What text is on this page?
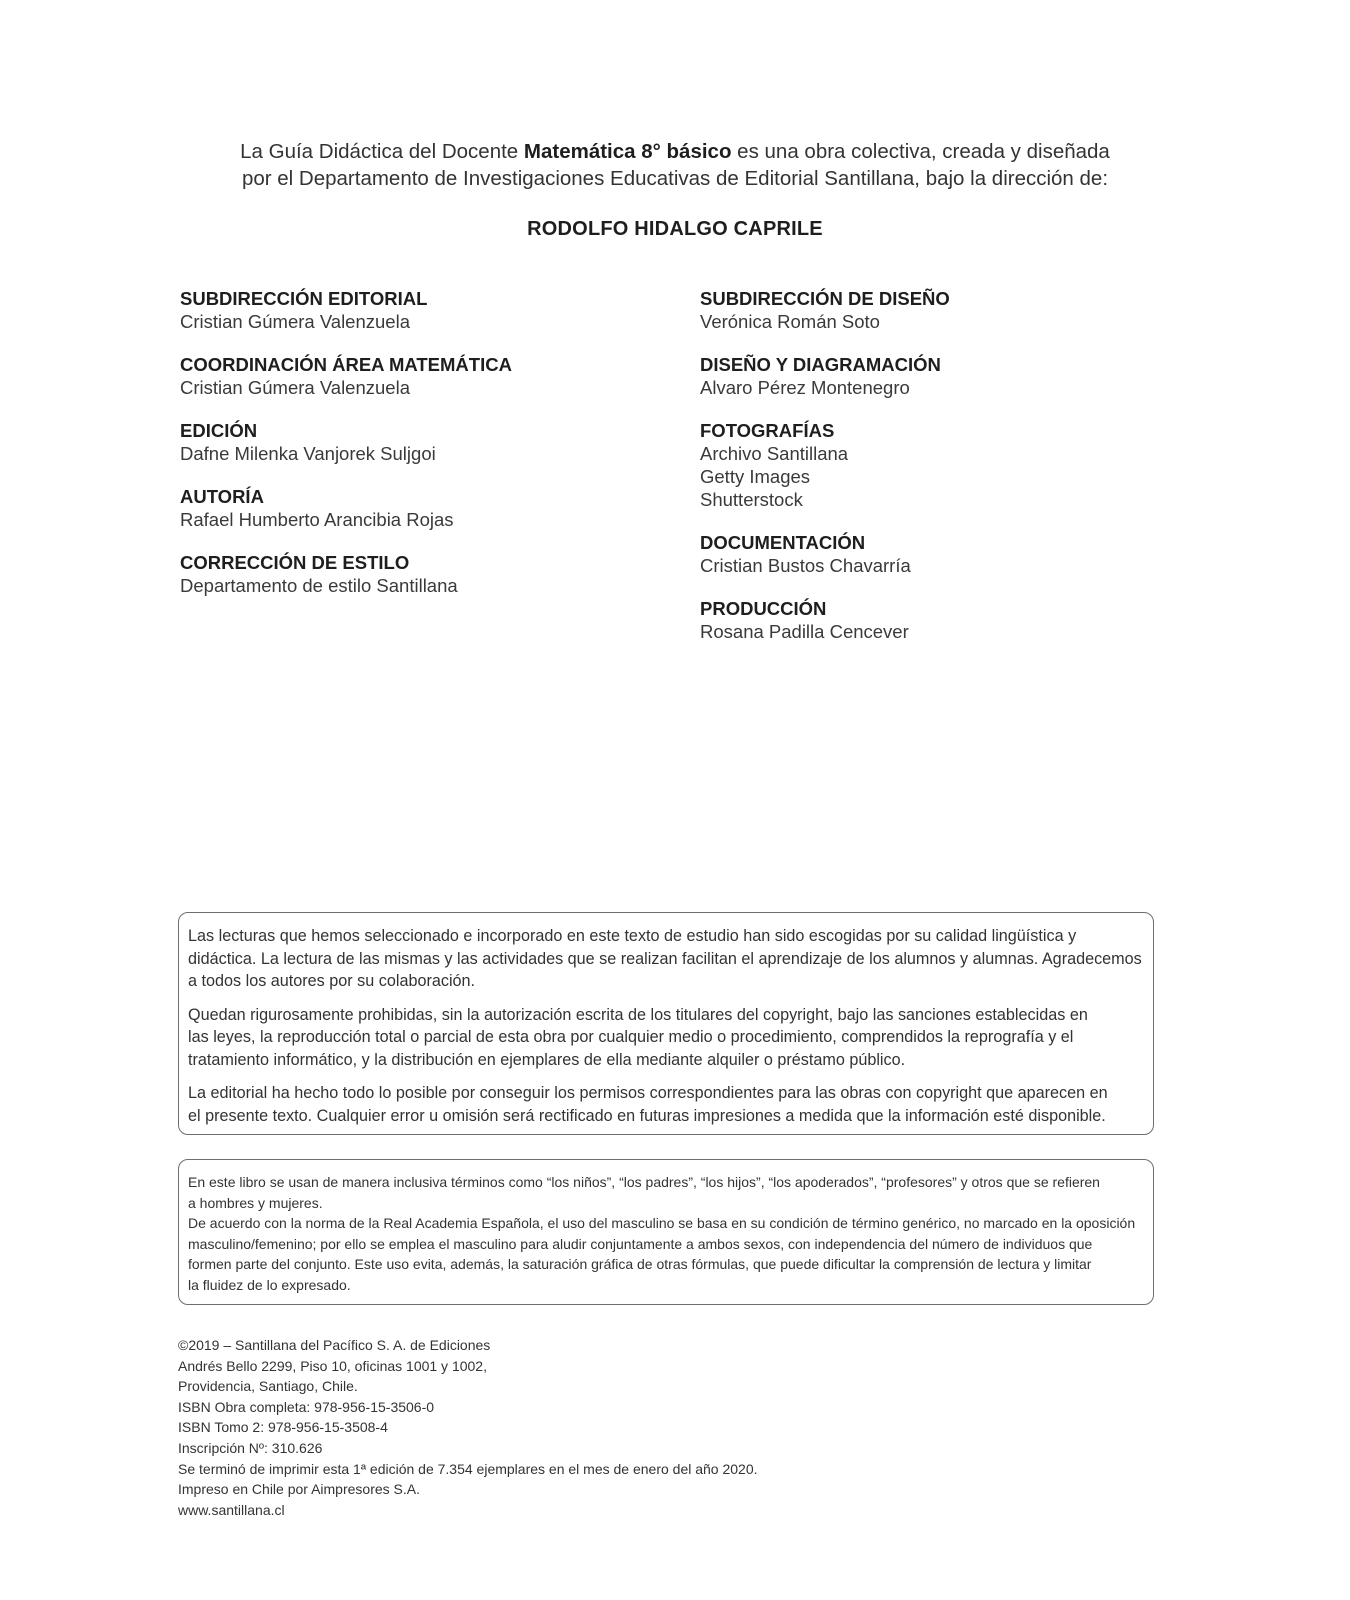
La Guía Didáctica del Docente Matemática 8° básico es una obra colectiva, creada y diseñada
por el Departamento de Investigaciones Educativas de Editorial Santillana, bajo la dirección de:
RODOLFO HIDALGO CAPRILE
SUBDIRECCIÓN EDITORIAL
Cristian Gúmera Valenzuela
COORDINACIÓN ÁREA MATEMÁTICA
Cristian Gúmera Valenzuela
EDICIÓN
Dafne Milenka Vanjorek Suljgoi
AUTORÍA
Rafael Humberto Arancibia Rojas
CORRECCIÓN DE ESTILO
Departamento de estilo Santillana
SUBDIRECCIÓN DE DISEÑO
Verónica Román Soto
DISEÑO Y DIAGRAMACIÓN
Alvaro Pérez Montenegro
FOTOGRAFÍAS
Archivo Santillana
Getty Images
Shutterstock
DOCUMENTACIÓN
Cristian Bustos Chavarría
PRODUCCIÓN
Rosana Padilla Cencever

Las lecturas que hemos seleccionado e incorporado en este texto de estudio han sido escogidas por su calidad lingüística y
didáctica. La lectura de las mismas y las actividades que se realizan facilitan el aprendizaje de los alumnos y alumnas. Agradecemos
a todos los autores por su colaboración.

Quedan rigurosamente prohibidas, sin la autorización escrita de los titulares del copyright, bajo las sanciones establecidas en
las leyes, la reproducción total o parcial de esta obra por cualquier medio o procedimiento, comprendidos la reprografía y el
tratamiento informático, y la distribución en ejemplares de ella mediante alquiler o préstamo público.

La editorial ha hecho todo lo posible por conseguir los permisos correspondientes para las obras con copyright que aparecen en
el presente texto. Cualquier error u omisión será rectificado en futuras impresiones a medida que la información esté disponible.

En este libro se usan de manera inclusiva términos como “los niños”, “los padres”, “los hijos”, “los apoderados”, “profesores” y otros que se refieren
a hombres y mujeres.
De acuerdo con la norma de la Real Academia Española, el uso del masculino se basa en su condición de término genérico, no marcado en la oposición
masculino/femenino; por ello se emplea el masculino para aludir conjuntamente a ambos sexos, con independencia del número de individuos que
formen parte del conjunto. Este uso evita, además, la saturación gráfica de otras fórmulas, que puede dificultar la comprensión de lectura y limitar
la fluidez de lo expresado.

©2019 – Santillana del Pacífico S. A. de Ediciones
Andrés Bello 2299, Piso 10, oficinas 1001 y 1002,
Providencia, Santiago, Chile.
ISBN Obra completa: 978-956-15-3506-0
ISBN Tomo 2: 978-956-15-3508-4
Inscripción Nº: 310.626
Se terminó de imprimir esta 1ª edición de 7.354 ejemplares en el mes de enero del año 2020.
Impreso en Chile por Aimpresores S.A.
www.santillana.cl
